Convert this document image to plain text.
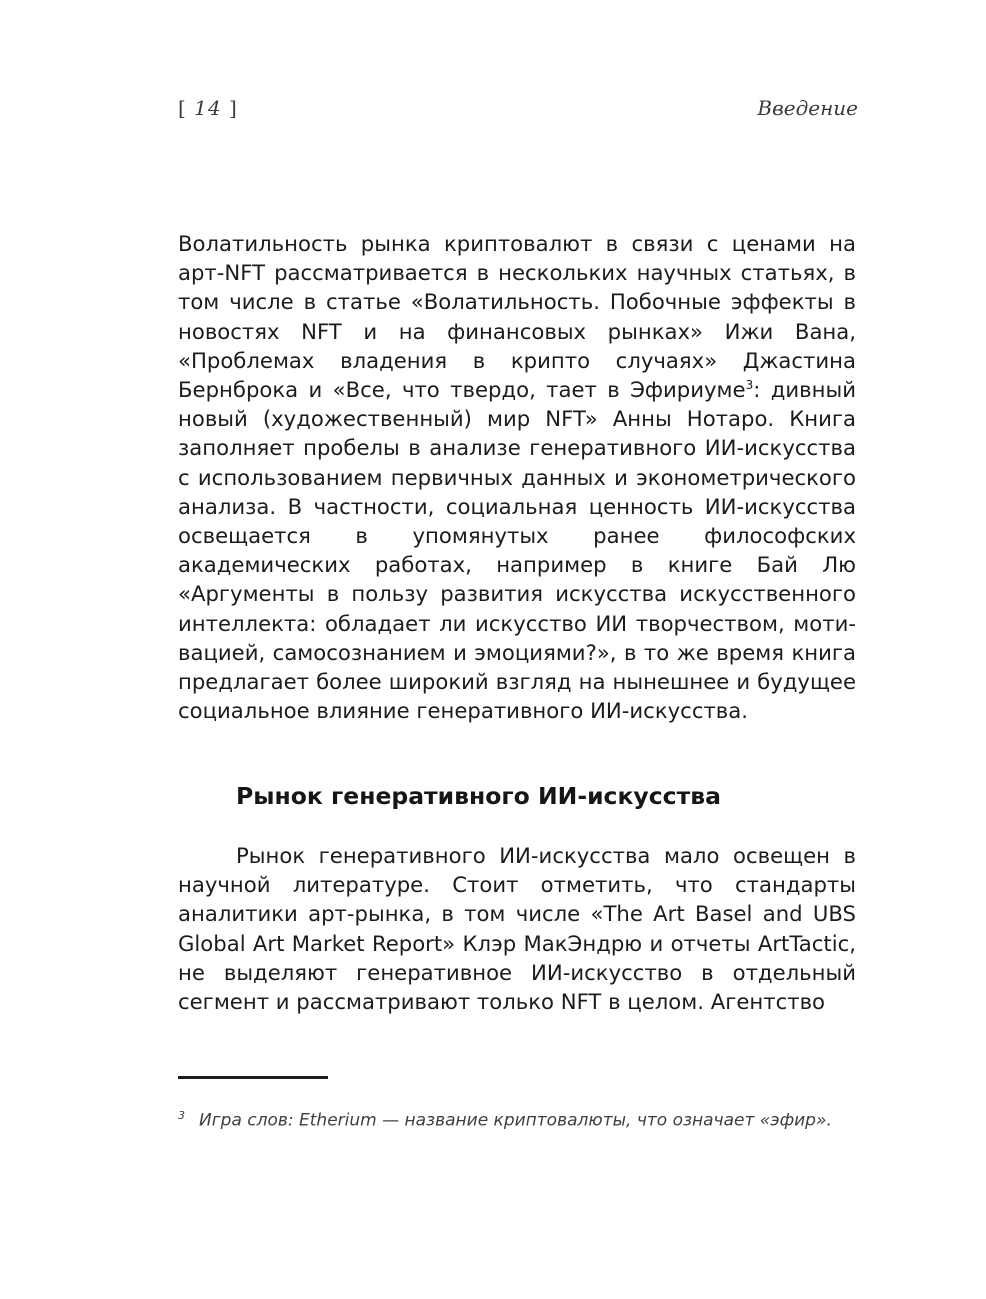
[ 14 ]	Введение
Волатильность рынка криптовалют в связи с ценами на арт-NFT рассматривается в нескольких научных статьях, в том числе в статье «Волатильность. Побочные эффекты в новостях NFT и на финансовых рынках» Ижи Вана, «Проблемах владения в крипто случаях» Джастина Бернброка и «Все, что твердо, тает в Эфириуме$^3$: дивный новый (художественный) мир NFT» Анны Нотаро. Книга заполняет пробелы в анализе генеративного ИИ-искусства с использованием первичных данных и эконометрического анализа. В частности, социальная ценность ИИ-искусства освещается в упомянутых ранее философских академических работах, например в книге Бай Лю «Аргументы в пользу развития искусства искусственного интеллекта: обладает ли искусство ИИ творчеством, мотивацией, самосознанием и эмоциями?», в то же время книга предлагает более широкий взгляд на нынешнее и будущее социальное влияние генеративного ИИ-искусства.
Рынок генеративного ИИ-искусства
Рынок генеративного ИИ-искусства мало освещен в научной литературе. Стоит отметить, что стандарты аналитики арт-рынка, в том числе «The Art Basel and UBS Global Art Market Report» Клэр МакЭндрю и отчеты ArtTactic, не выделяют генеративное ИИ-искусство в отдельный сегмент и рассматривают только NFT в целом. Агентство
$^3$ Игра слов: Etherium — название криптовалюты, что означает «эфир».
